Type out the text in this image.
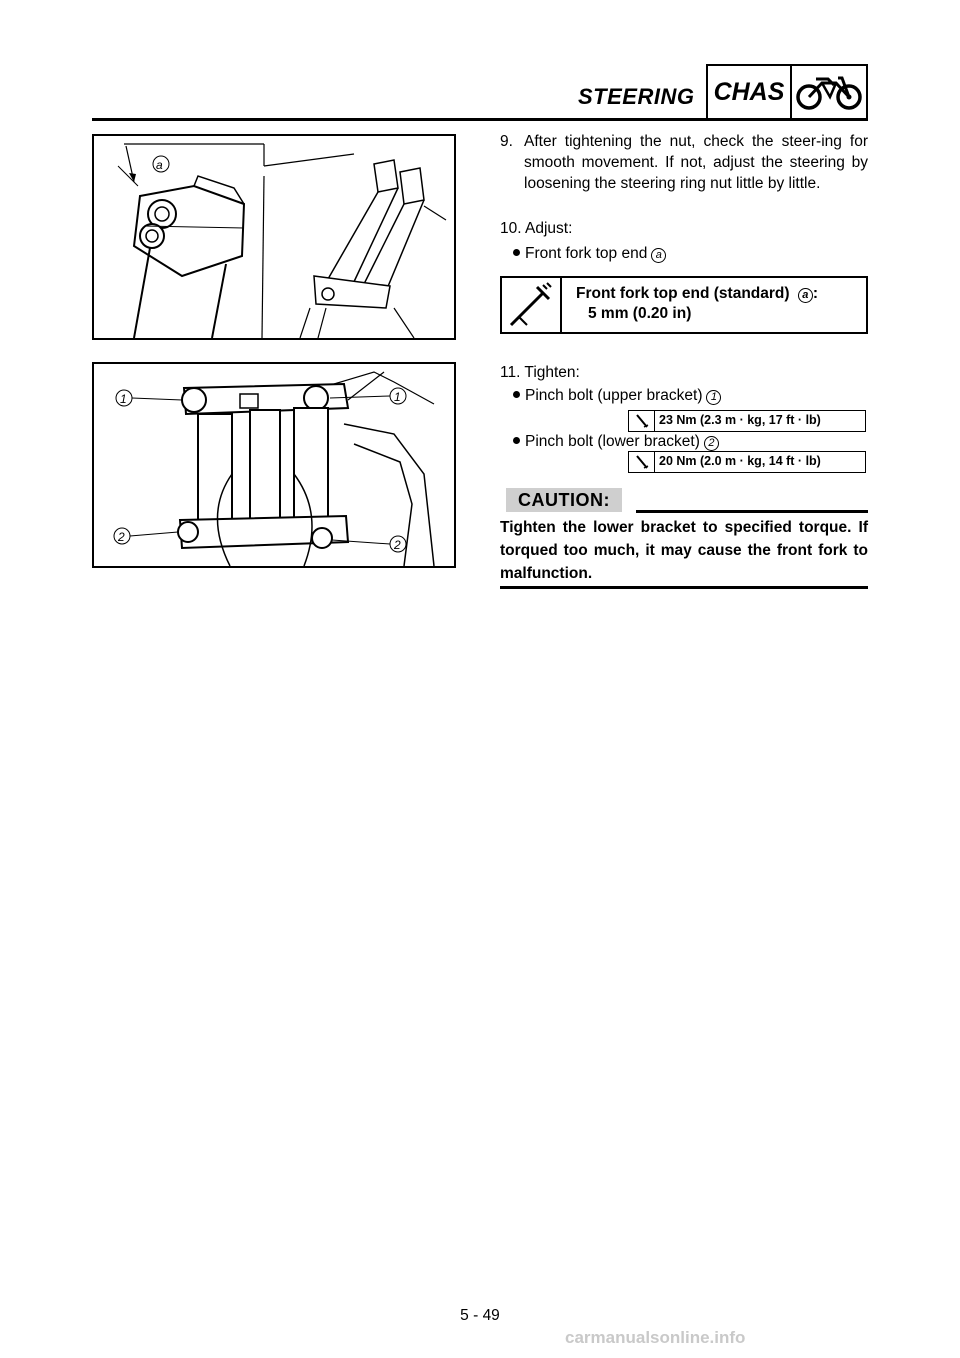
STEERING CHAS
a
1	1
2
2
9. After tightening the nut, check the steer-ing for smooth movement. If not, adjust the steering by loosening the steering ring nut little by little.
10. Adjust:
Front fork top end a
Front fork top end (standard) a :
5 mm (0.20 in)
11. Tighten:
Pinch bolt (upper bracket) 1
23 Nm (2.3 m · kg, 17 ft · lb)
Pinch bolt (lower bracket) 2
20 Nm (2.0 m · kg, 14 ft · lb)
CAUTION:
Tighten the lower bracket to specified torque. If torqued too much, it may cause the front fork to malfunction.
5 - 49
carmanualsonline.info
